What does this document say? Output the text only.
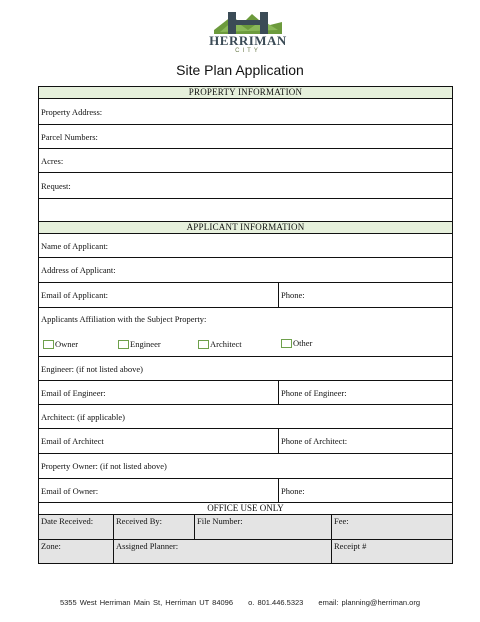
HERRIMAN
CITY
Site Plan Application
PROPERTY INFORMATION
Property Address:
Parcel Numbers:
Acres:
Request:
APPLICANT INFORMATION
Name of Applicant:
Address of Applicant:
Email of Applicant:	Phone:
Applicants Affiliation with the Subject Property:
Owner	Engineer	Architect	Other
Engineer: (if not listed above)
Email of Engineer:	Phone of Engineer:
Architect: (if applicable)
Email of Architect	Phone of Architect:
Property Owner: (if not listed above)
Email of Owner:	Phone:
OFFICE USE ONLY
Date Received:	Received By:	File Number:	Fee:
Zone:	Assigned Planner:	Receipt #
5355 West Herriman Main St, Herriman UT 84096 o. 801.446.5323 email: planning@herriman.org
